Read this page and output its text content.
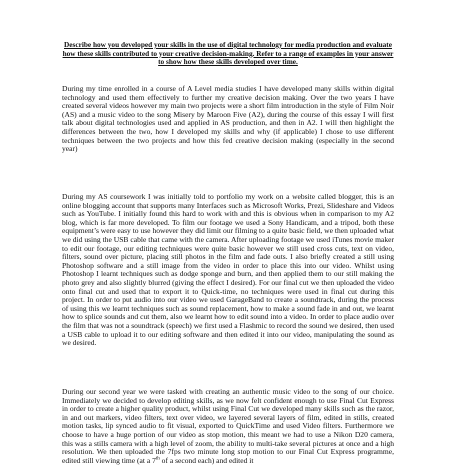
Describe how you developed your skills in the use of digital technology for media production and evaluate how these skills contributed to your creative decision-making. Refer to a range of examples in your answer to show how these skills developed over time.

During my time enrolled in a course of A Level media studies I have developed many skills within digital technology and used them effectively to further my creative decision making. Over the two years I have created several videos however my main two projects were a short film introduction in the style of Film Noir (AS) and a music video to the song Misery by Maroon Five (A2), during the course of this essay I will first talk about digital technologies used and applied in AS production, and then in A2. I will then highlight the differences between the two, how I developed my skills and why (if applicable) I chose to use different techniques between the two projects and how this fed creative decision making (especially in the second year)

During my AS coursework I was initially told to portfolio my work on a website called blogger, this is an online blogging account that supports many Interfaces such as Microsoft Works, Prezi, Slideshare and Videos such as YouTube. I initially found this hard to work with and this is obvious when in comparison to my A2 blog, which is far more developed. To film our footage we used a Sony Handicam, and a tripod, both these equipment’s were easy to use however they did limit our filming to a quite basic field, we then uploaded what we did using the USB cable that came with the camera. After uploading footage we used iTunes movie maker to edit our footage, our editing techniques were quite basic however we still used cross cuts, text on video, filters, sound over picture, placing still photos in the film and fade outs. I also briefly created a still using Photoshop software and a still image from the video in order to place this into our video. Whilst using Photoshop I learnt techniques such as dodge sponge and burn, and then applied them to our still making the photo grey and also slightly blurred (giving the effect I desired). For our final cut we then uploaded the video onto final cut and used that to export it to Quick-time, no techniques were used in final cut during this project. In order to put audio into our video we used GarageBand to create a soundtrack, during the process of using this we learnt techniques such as sound replacement, how to make a sound fade in and out, we learnt how to splice sounds and cut them, also we learnt how to edit sound into a video. In order to place audio over the film that was not a soundtrack (speech) we first used a Flashmic to record the sound we desired, then used a USB cable to upload it to our editing software and then edited it into our video, manipulating the sound as we desired.

During our second year we were tasked with creating an authentic music video to the song of our choice. Immediately we decided to develop editing skills, as we now felt confident enough to use Final Cut Express in order to create a higher quality product, whilst using Final Cut we developed many skills such as the razor, in and out markers, video filters, text over video, we layered several layers of film, edited in stills, created motion tasks, lip synced audio to fit visual, exported to QuickTime and used Video filters. Furthermore we choose to have a huge portion of our video as stop motion, this meant we had to use a Nikon D20 camera, this was a stills camera with a high level of zoom, the ability to multi-take several pictures at once and a high resolution. We then uploaded the 7fps two minute long stop motion to our Final Cut Express programme, edited still viewing time (at a 7th of a second each) and edited it
